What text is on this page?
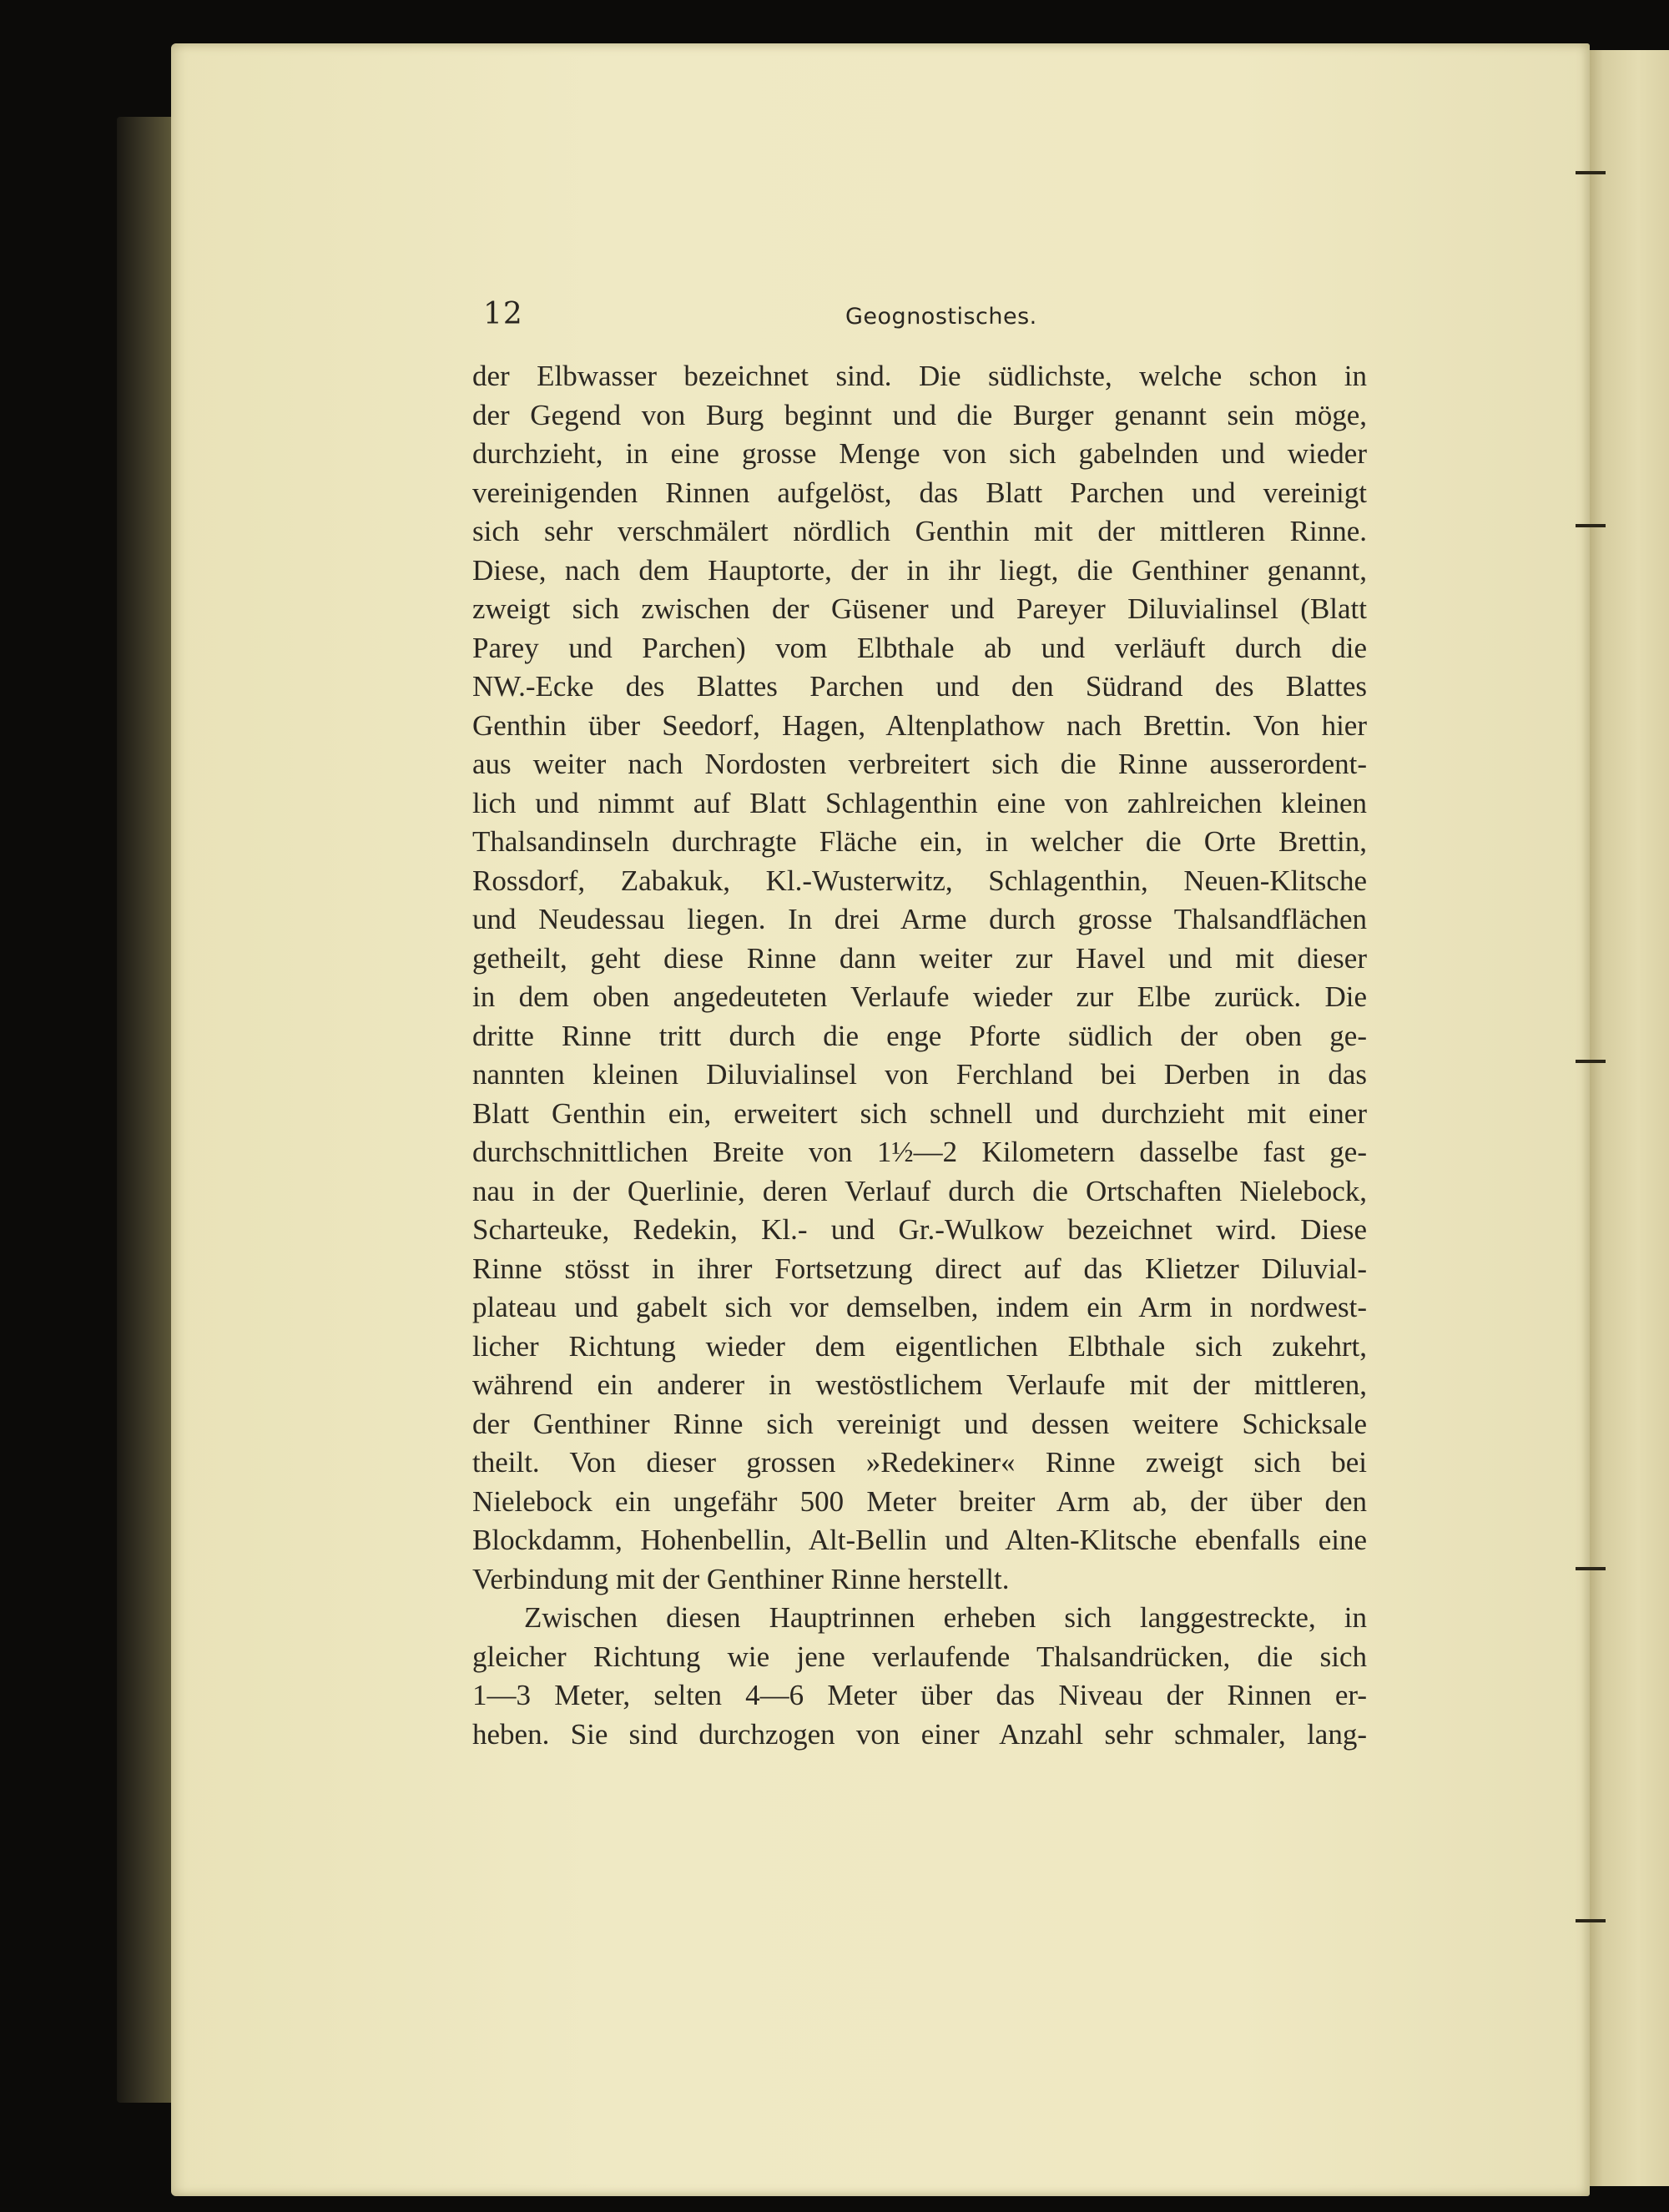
12	Geognostisches.
der Elbwasser bezeichnet sind. Die südlichste, welche schon in
der Gegend von Burg beginnt und die Burger genannt sein möge,
durchzieht, in eine grosse Menge von sich gabelnden und wieder
vereinigenden Rinnen aufgelöst, das Blatt Parchen und vereinigt
sich sehr verschmälert nördlich Genthin mit der mittleren Rinne.
Diese, nach dem Hauptorte, der in ihr liegt, die Genthiner genannt,
zweigt sich zwischen der Güsener und Pareyer Diluvialinsel (Blatt
Parey und Parchen) vom Elbthale ab und verläuft durch die
NW.-Ecke des Blattes Parchen und den Südrand des Blattes
Genthin über Seedorf, Hagen, Altenplathow nach Brettin. Von hier
aus weiter nach Nordosten verbreitert sich die Rinne ausserordent-
lich und nimmt auf Blatt Schlagenthin eine von zahlreichen kleinen
Thalsandinseln durchragte Fläche ein, in welcher die Orte Brettin,
Rossdorf, Zabakuk, Kl.-Wusterwitz, Schlagenthin, Neuen-Klitsche
und Neudessau liegen. In drei Arme durch grosse Thalsandflächen
getheilt, geht diese Rinne dann weiter zur Havel und mit dieser
in dem oben angedeuteten Verlaufe wieder zur Elbe zurück. Die
dritte Rinne tritt durch die enge Pforte südlich der oben ge-
nannten kleinen Diluvialinsel von Ferchland bei Derben in das
Blatt Genthin ein, erweitert sich schnell und durchzieht mit einer
durchschnittlichen Breite von 1½—2 Kilometern dasselbe fast ge-
nau in der Querlinie, deren Verlauf durch die Ortschaften Nielebock,
Scharteuke, Redekin, Kl.- und Gr.-Wulkow bezeichnet wird. Diese
Rinne stösst in ihrer Fortsetzung direct auf das Klietzer Diluvial-
plateau und gabelt sich vor demselben, indem ein Arm in nordwest-
licher Richtung wieder dem eigentlichen Elbthale sich zukehrt,
während ein anderer in westöstlichem Verlaufe mit der mittleren,
der Genthiner Rinne sich vereinigt und dessen weitere Schicksale
theilt. Von dieser grossen »Redekiner« Rinne zweigt sich bei
Nielebock ein ungefähr 500 Meter breiter Arm ab, der über den
Blockdamm, Hohenbellin, Alt-Bellin und Alten-Klitsche ebenfalls eine
Verbindung mit der Genthiner Rinne herstellt.
Zwischen diesen Hauptrinnen erheben sich langgestreckte, in
gleicher Richtung wie jene verlaufende Thalsandrücken, die sich
1—3 Meter, selten 4—6 Meter über das Niveau der Rinnen er-
heben. Sie sind durchzogen von einer Anzahl sehr schmaler, lang-
